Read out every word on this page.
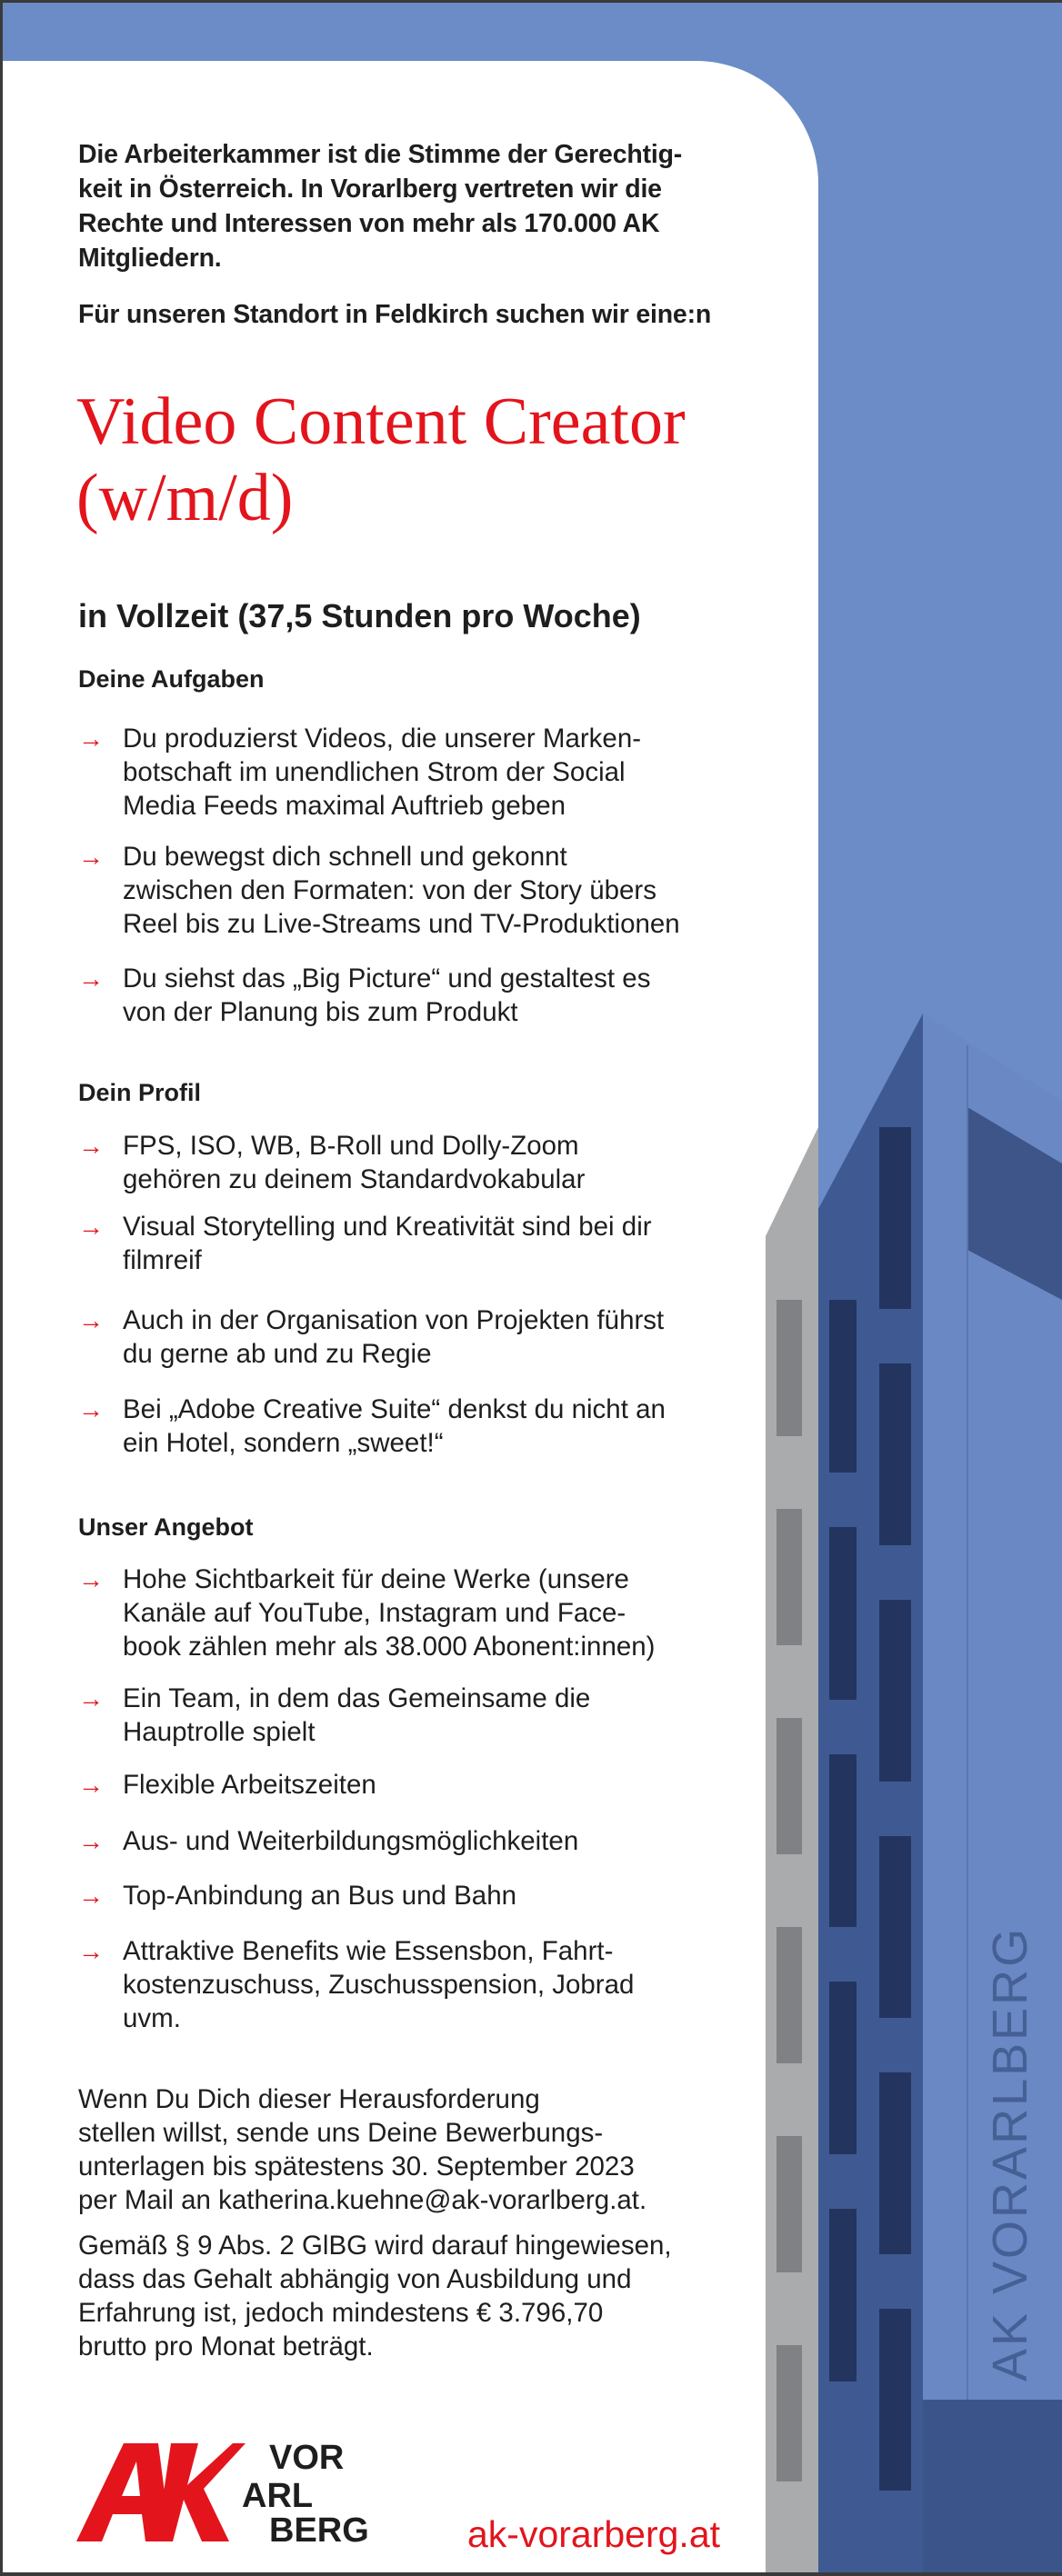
AK VORARLBERG
Die Arbeiterkammer ist die Stimme der Gerechtig-
keit in Österreich. In Vorarlberg vertreten wir die
Rechte und Interessen von mehr als 170.000 AK
Mitgliedern.
Für unseren Standort in Feldkirch suchen wir eine:n
Video Content Creator
(w/m/d)
in Vollzeit (37,5 Stunden pro Woche)
Deine Aufgaben
→ Du produzierst Videos, die unserer Marken-
botschaft im unendlichen Strom der Social
Media Feeds maximal Auftrieb geben
→ Du bewegst dich schnell und gekonnt
zwischen den Formaten: von der Story übers
Reel bis zu Live-Streams und TV-Produktionen
→ Du siehst das „Big Picture“ und gestaltest es
von der Planung bis zum Produkt
Dein Profil
→ FPS, ISO, WB, B-Roll und Dolly-Zoom
gehören zu deinem Standardvokabular
→ Visual Storytelling und Kreativität sind bei dir
filmreif
→ Auch in der Organisation von Projekten führst
du gerne ab und zu Regie
→ Bei „Adobe Creative Suite“ denkst du nicht an
ein Hotel, sondern „sweet!“
Unser Angebot
→ Hohe Sichtbarkeit für deine Werke (unsere
Kanäle auf YouTube, Instagram und Face-
book zählen mehr als 38.000 Abonent:innen)
→ Ein Team, in dem das Gemeinsame die
Hauptrolle spielt
→ Flexible Arbeitszeiten
→ Aus- und Weiterbildungsmöglichkeiten
→ Top-Anbindung an Bus und Bahn
→ Attraktive Benefits wie Essensbon, Fahrt-
kostenzuschuss, Zuschusspension, Jobrad
uvm.
Wenn Du Dich dieser Herausforderung
stellen willst, sende uns Deine Bewerbungs-
unterlagen bis spätestens 30. September 2023
per Mail an katherina.kuehne@ak-vorarlberg.at.
Gemäß § 9 Abs. 2 GlBG wird darauf hingewiesen,
dass das Gehalt abhängig von Ausbildung und
Erfahrung ist, jedoch mindestens € 3.796,70
brutto pro Monat beträgt.
VOR
ARL
BERG	ak-vorarberg.at
